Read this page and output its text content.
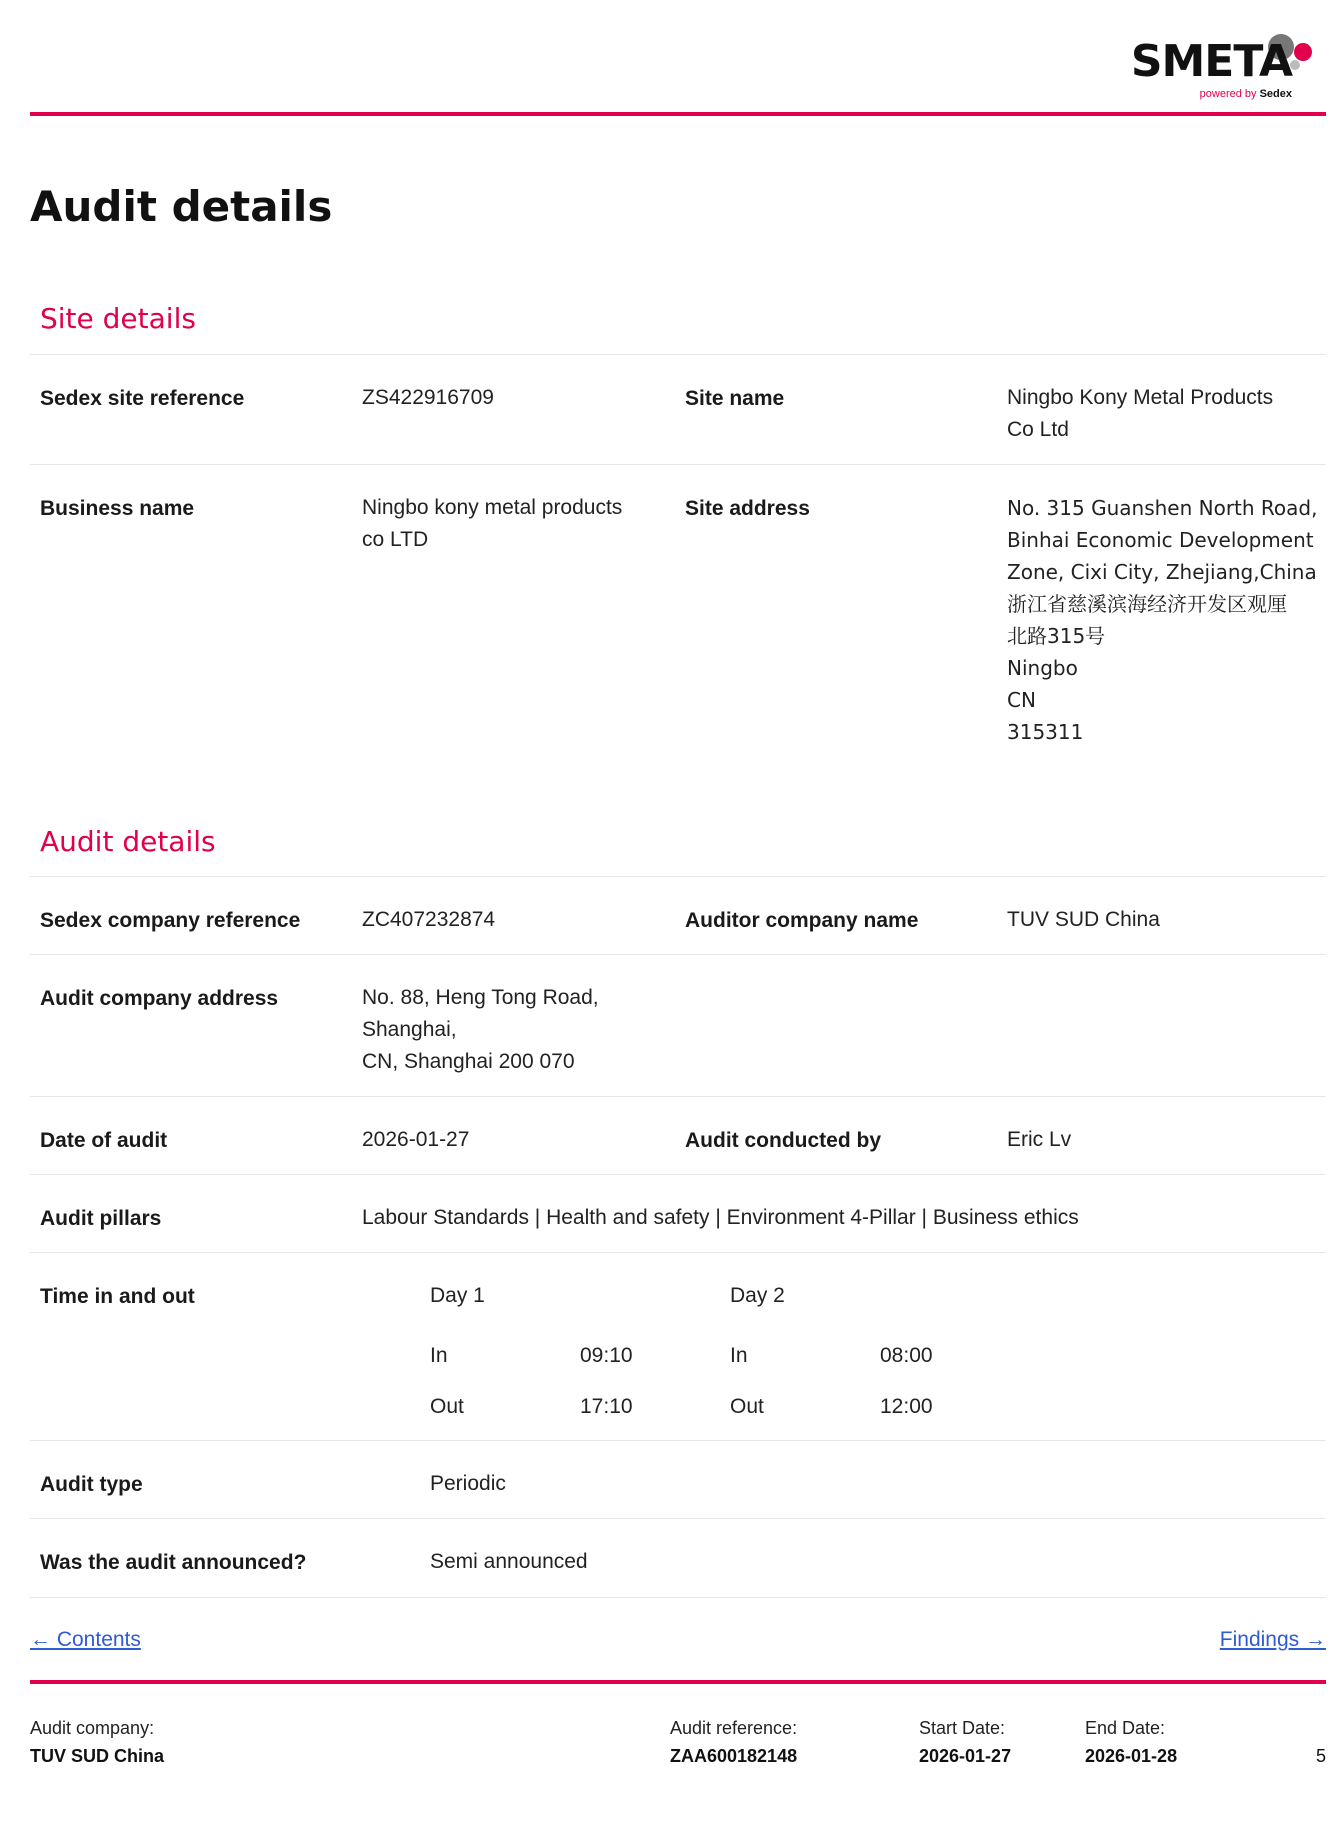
SMETA
powered by Sedex
Audit details
Site details
Sedex site reference	ZS422916709	Site name	Ningbo Kony Metal Products
Co Ltd
Business name	Ningbo kony metal products
co LTD
Site address	No. 315 Guanshen North Road,
Binhai Economic Development
Zone, Cixi City, Zhejiang,China
浙江省慈溪滨海经济开发区观厘
北路315号
Ningbo
CN
315311
Audit details
Sedex company reference	ZC407232874	Auditor company name	TUV SUD China
Audit company address	No. 88, Heng Tong Road,
Shanghai,
CN, Shanghai 200 070
Date of audit	2026-01-27	Audit conducted by	Eric Lv
Audit pillars	Labour Standards | Health and safety | Environment 4-Pillar | Business ethics
Time in and out	Day 1
In	09:10
Out	17:10
Day 2
In	08:00
Out	12:00
Audit type	Periodic
Was the audit announced?	Semi announced
← Contents	Findings →
Audit company:
TUV SUD China
Audit reference:
ZAA600182148
Start Date:
2026-01-27
End Date:
2026-01-28	5
